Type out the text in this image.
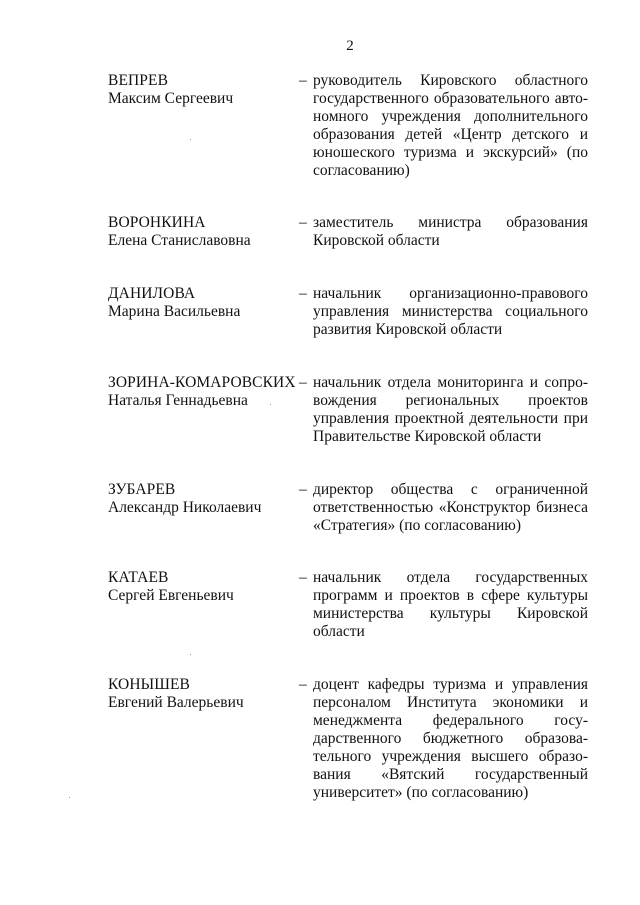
2
ВЕПРЕВ
Максим Сергеевич
– руководитель Кировского областного государственного образовательного автономного учреждения дополнительного образования детей «Центр детского и юношеского туризма и экскурсий» (по согласованию)
ВОРОНКИНА
Елена Станиславовна
– заместитель министра образования Кировской области
ДАНИЛОВА
Марина Васильевна
– начальник организационно-правового управления министерства социального развития Кировской области
ЗОРИНА-КОМАРОВСКИХ
Наталья Геннадьевна
– начальник отдела мониторинга и сопровождения региональных проектов управления проектной деятельности при Правительстве Кировской области
ЗУБАРЕВ
Александр Николаевич
– директор общества с ограниченной ответственностью «Конструктор бизнеса «Стратегия» (по согласованию)
КАТАЕВ
Сергей Евгеньевич
– начальник отдела государственных программ и проектов в сфере культуры министерства культуры Кировской области
КОНЫШЕВ
Евгений Валерьевич
– доцент кафедры туризма и управления персоналом Института экономики и менеджмента федерального государственного бюджетного образовательного учреждения высшего образования «Вятский государственный университет» (по согласованию)
